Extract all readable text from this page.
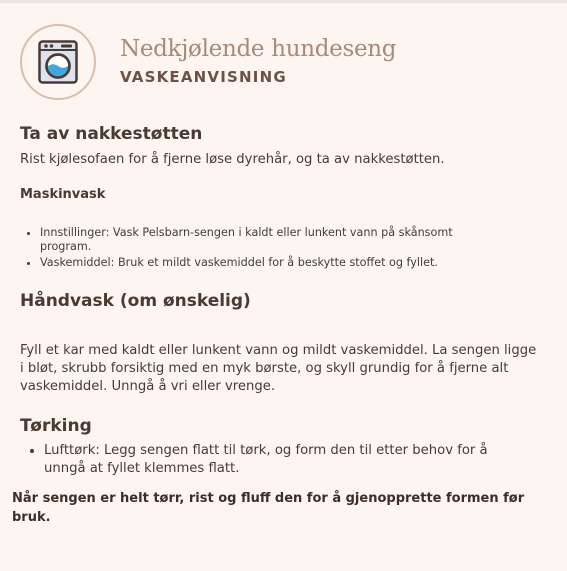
Nedkjølende hundeseng
VASKEANVISNING
Ta av nakkestøtten
Rist kjølesofaen for å fjerne løse dyrehår, og ta av nakkestøtten.
Maskinvask
• Innstillinger: Vask Pelsbarn-sengen i kaldt eller lunkent vann på skånsomt program.
• Vaskemiddel: Bruk et mildt vaskemiddel for å beskytte stoffet og fyllet.
Håndvask (om ønskelig)
Fyll et kar med kaldt eller lunkent vann og mildt vaskemiddel. La sengen ligge i bløt, skrubb forsiktig med en myk børste, og skyll grundig for å fjerne alt vaskemiddel. Unngå å vri eller vrenge.
Tørking
• Lufttørk: Legg sengen flatt til tørk, og form den til etter behov for å unngå at fyllet klemmes flatt.
Når sengen er helt tørr, rist og fluff den for å gjenopprette formen før bruk.
